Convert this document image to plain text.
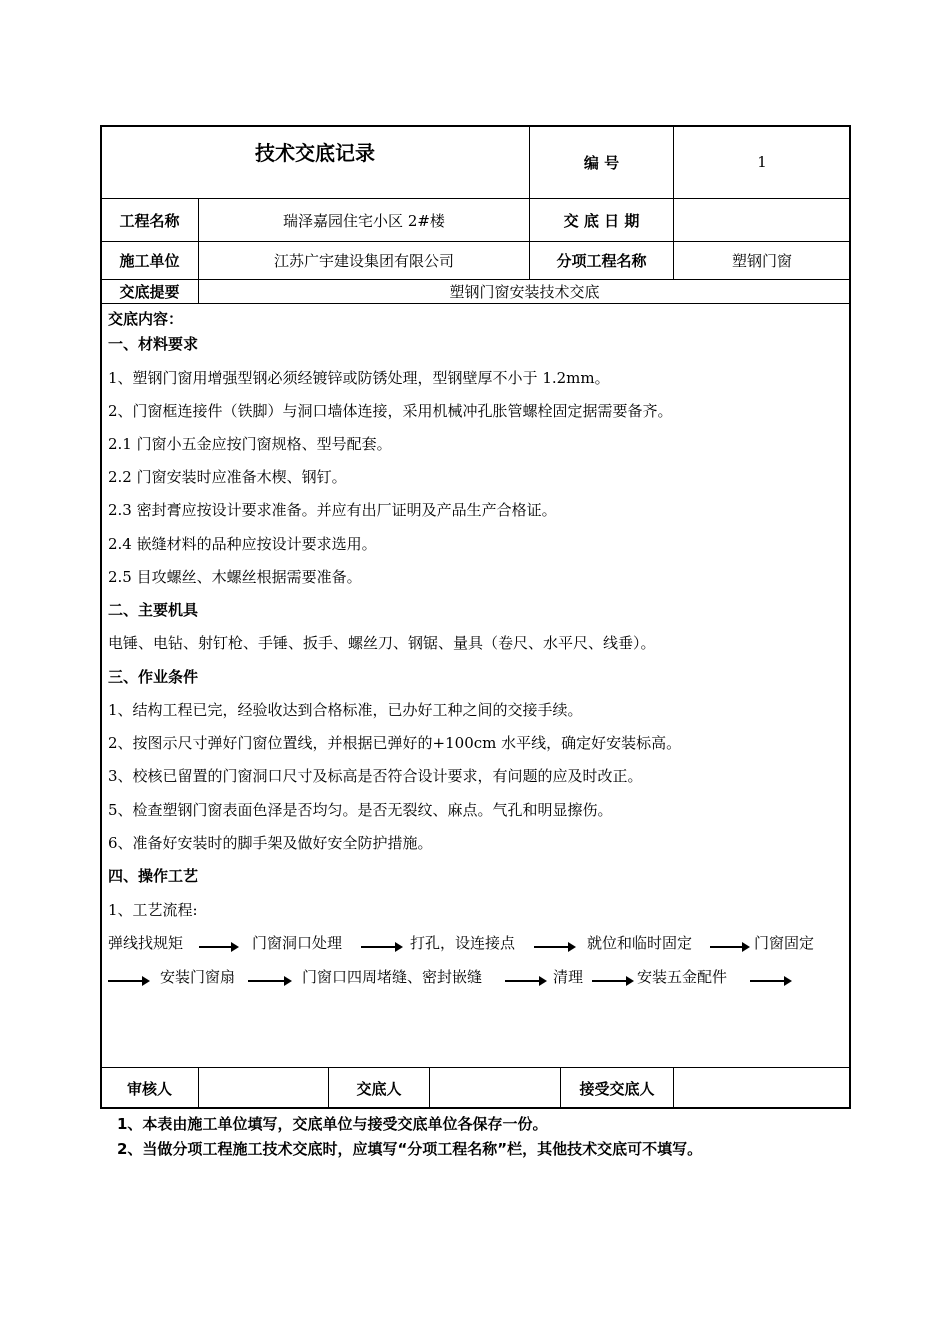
技术交底记录	编 号	1
工程名称	瑞泽嘉园住宅小区 2#楼	交 底 日 期
施工单位	江苏广宇建设集团有限公司	分项工程名称	塑钢门窗
交底提要	塑钢门窗安装技术交底
交底内容：
一、材料要求
1、塑钢门窗用增强型钢必须经镀锌或防锈处理，型钢壁厚不小于 1.2mm。
2、门窗框连接件（铁脚）与洞口墙体连接，采用机械冲孔胀管螺栓固定据需要备齐。
2.1 门窗小五金应按门窗规格、型号配套。
2.2 门窗安装时应准备木楔、钢钉。
2.3 密封膏应按设计要求准备。并应有出厂证明及产品生产合格证。
2.4 嵌缝材料的品种应按设计要求选用。
2.5 目攻螺丝、木螺丝根据需要准备。
二、主要机具
电锤、电钻、射钉枪、手锤、扳手、螺丝刀、钢锯、量具（卷尺、水平尺、线垂）。
三、作业条件
1、结构工程已完，经验收达到合格标准，已办好工种之间的交接手续。
2、按图示尺寸弹好门窗位置线，并根据已弹好的+100cm 水平线，确定好安装标高。
3、校核已留置的门窗洞口尺寸及标高是否符合设计要求，有问题的应及时改正。
5、检查塑钢门窗表面色泽是否均匀。是否无裂纹、麻点。气孔和明显擦伤。
6、准备好安装时的脚手架及做好安全防护措施。
四、操作工艺
1、工艺流程:
弹线找规矩	门窗洞口处理	打孔，设连接点	就位和临时固定	门窗固定
安装门窗扇	门窗口四周堵缝、密封嵌缝	清理	安装五金配件
审核人	交底人	接受交底人
1、本表由施工单位填写，交底单位与接受交底单位各保存一份。
2、当做分项工程施工技术交底时，应填写“分项工程名称”栏，其他技术交底可不填写。
